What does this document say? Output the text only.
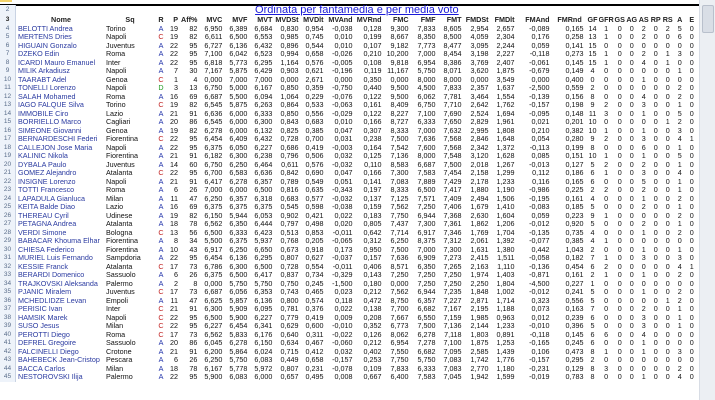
2	Ordinata per fantamedia e per media voto																											
3	Nome	Sq	R	P	Aff%	MVC	MVF	MVT	MVDSt	MVDlt	MVAnd	MVRnd	FMC	FMF	FMT	FMDSt	FMDlt	FMAnd	FMRnd	GF	GFR	GS	AG	AS	RP	RS	A	E
4	BELOTTI Andrea	Torino	A	19	82	6,950	6,389	6,684	0,830	0,954	-0,038	0,128	9,300	7,833	8,605	2,954	2,657	-0,089	0,165	14	1	0	0	2	0	2	5	0
5	MERTENS Dries	Napoli	C	19	82	6,611	6,500	6,553	0,985	0,745	0,010	0,199	8,667	8,350	8,500	4,059	2,304	0,176	0,258	13	1	0	0	2	0	0	6	0
6	HIGUAIN Gonzalo	Juventus	A	22	95	6,727	6,136	6,432	0,896	0,544	0,010	0,107	9,182	7,773	8,477	3,095	2,244	0,059	0,141	15	0	0	0	0	0	0	0	0
7	DZEKO Edin	Roma	A	22	95	7,100	6,042	6,523	0,994	0,658	-0,026	0,210	10,200	7,000	8,454	3,198	2,227	-0,118	0,273	15	1	0	0	2	0	1	3	0
8	ICARDI Mauro Emanuel	Inter	A	22	95	6,818	5,773	6,295	1,164	0,576	-0,005	0,108	9,818	6,954	8,386	3,769	2,407	-0,061	0,145	15	1	0	0	4	0	1	0	0
9	MILIK Arkadiusz	Napoli	A	7	30	7,167	5,875	6,429	0,903	0,621	-0,196	0,119	11,167	5,750	8,071	3,620	1,875	-0,679	0,149	4	0	0	0	0	0	0	1	0
10	TAARABT Adel	Genoa	C	1	4	0,000	7,000	7,000	0,000	2,671	0,000	0,350	0,000	8,000	8,000	0,000	3,549	0,000	0,400	0	0	0	0	1	0	0	0	0
11	TONELLI Lorenzo	Napoli	D	3	13	6,750	5,000	6,167	0,850	0,359	-0,750	0,440	9,500	4,500	7,833	2,357	1,637	-2,500	0,559	2	0	0	0	0	0	0	2	0
12	SALAH Mohamed	Roma	A	16	69	6,687	5,500	6,094	1,064	0,229	-0,076	0,122	9,500	6,062	7,781	3,464	1,554	-0,139	0,156	8	0	0	0	4	0	0	2	0
13	IAGO FALQUE Silva	Torino	C	19	82	6,545	5,875	6,263	0,864	0,533	-0,063	0,161	8,409	6,750	7,710	2,642	1,762	-0,157	0,198	9	2	0	0	3	0	0	1	0
14	IMMOBILE Ciro	Lazio	A	21	91	6,636	6,000	6,333	0,850	0,556	-0,029	0,122	8,227	7,100	7,690	2,524	1,694	-0,095	0,148	11	3	0	0	1	0	0	5	0
15	BORRIELLO Marco	Cagliari	A	20	86	6,545	6,000	6,300	0,843	0,683	0,010	0,166	8,727	6,333	7,650	2,829	1,961	0,021	0,201	10	0	0	0	0	0	1	2	0
16	SIMEONE Giovanni	Genoa	A	19	82	6,278	6,000	6,132	0,825	0,385	0,047	0,307	8,333	7,000	7,632	2,995	1,808	0,210	0,382	10	1	0	0	1	0	0	3	0
17	BERNARDESCHI Federi	Fiorentina	C	22	95	6,454	6,409	6,432	0,728	0,700	0,031	0,238	7,500	7,636	7,568	2,846	1,648	0,054	0,280	9	2	0	0	3	0	0	4	1
18	CALLEJON Jose Maria	Napoli	A	22	95	6,375	6,050	6,227	0,686	0,419	-0,003	0,164	7,542	7,600	7,568	2,342	1,372	-0,113	0,199	8	0	0	0	6	0	0	1	0
19	KALINIC Nikola	Fiorentina	A	21	91	6,182	6,300	6,238	0,796	0,506	0,032	0,125	7,136	8,000	7,548	3,120	1,628	0,085	0,151	10	1	0	0	1	0	0	5	0
20	DYBALA Paulo	Juventus	A	14	60	6,750	6,250	6,464	0,611	0,576	-0,032	0,110	8,583	6,687	7,500	2,018	1,267	-0,013	0,127	5	2	0	0	2	0	0	1	0
21	GOMEZ Alejandro	Atalanta	C	22	95	6,700	6,583	6,636	0,842	0,690	0,047	0,166	7,300	7,583	7,454	2,158	1,299	0,112	0,186	6	1	0	0	3	0	0	4	0
22	INSIGNE Lorenzo	Napoli	A	21	91	6,417	6,278	6,357	0,789	0,549	0,051	0,141	7,083	7,889	7,429	2,178	1,233	0,116	0,165	6	0	0	0	5	0	0	1	0
23	TOTTI Francesco	Roma	A	6	26	7,000	6,000	6,500	0,816	0,635	-0,343	0,197	8,333	6,500	7,417	1,880	1,190	-0,986	0,225	2	2	0	0	2	0	0	1	0
24	LAPADULA Gianluca	Milan	A	11	47	6,250	6,357	6,318	0,683	0,577	-0,032	0,137	7,125	7,571	7,409	2,494	1,506	-0,195	0,161	4	0	0	0	1	0	0	2	0
25	KEITA Balde Diao	Lazio	A	16	69	6,375	6,375	6,375	0,545	0,598	-0,038	0,159	7,562	7,250	7,406	1,679	1,410	-0,083	0,185	5	0	0	0	2	0	0	1	0
26	THEREAU Cyril	Udinese	A	19	82	6,150	5,944	6,053	0,902	0,421	0,022	0,183	7,750	6,944	7,368	2,630	1,604	0,059	0,223	9	1	0	0	0	0	0	2	0
27	PETAGNA Andrea	Atalanta	A	18	78	6,562	6,350	6,444	0,797	0,498	0,020	0,805	7,437	7,300	7,361	1,862	1,206	-0,012	0,920	5	0	0	0	2	0	0	1	0
28	VERDI Simone	Bologna	C	13	56	6,500	6,333	6,423	0,513	0,853	-0,011	0,642	7,714	6,917	7,346	1,769	1,704	-0,135	0,735	4	0	0	0	1	0	0	2	0
29	BABACAR Khouma Elhar	Fiorentina	A	8	34	5,500	6,375	5,937	0,768	0,205	-0,065	0,312	6,250	8,375	7,312	2,061	1,392	-0,077	0,385	4	1	0	0	0	0	0	0	0
30	CHIESA Federico	Fiorentina	A	10	43	6,917	6,250	6,650	0,673	0,918	0,173	0,950	7,500	7,000	7,300	1,631	1,380	0,442	1,043	2	0	0	0	1	0	0	1	0
31	MURIEL Luis Fernando	Sampdoria	A	22	95	6,454	6,136	6,295	0,807	0,627	-0,037	0,157	7,636	6,909	7,273	2,415	1,511	-0,058	0,182	7	1	0	0	3	0	0	3	0
32	KESSIE Franck	Atalanta	C	17	73	6,786	6,300	6,500	0,728	0,554	-0,011	0,406	8,571	6,350	7,265	2,163	1,110	-0,136	0,454	6	2	0	0	0	0	0	4	1
33	BERARDI Domenico	Sassuolo	A	6	26	6,375	6,500	6,417	0,837	0,734	-0,329	0,143	7,250	7,250	7,250	1,974	1,403	-0,871	0,161	2	1	0	0	1	0	0	2	0
34	TRAJKOVSKI Aleksanda	Palermo	A	2	8	0,000	5,750	5,750	0,750	0,245	-1,500	0,180	0,000	7,250	7,250	2,250	1,804	-4,500	0,227	1	0	0	0	0	0	0	0	0
35	PJANIC Miralem	Juventus	C	17	73	6,687	6,056	6,353	0,743	0,465	0,023	0,212	7,562	6,944	7,235	1,848	1,002	-0,012	0,241	5	0	0	0	1	0	0	2	0
36	MCHEDLIDZE Levan	Empoli	A	11	47	6,625	5,857	6,136	0,800	0,574	0,118	0,472	8,750	6,357	7,227	2,871	1,714	0,323	0,556	5	0	0	0	0	0	1	2	0
37	PERISIC Ivan	Inter	C	21	91	6,300	5,909	6,095	0,781	0,376	0,022	0,138	7,700	6,682	7,167	2,195	1,188	0,073	0,163	7	0	0	0	2	0	0	1	0
38	HAMSIK Marek	Napoli	C	22	95	6,500	5,900	6,227	0,779	0,419	0,009	0,208	7,667	6,550	7,159	1,985	0,963	0,012	0,239	6	0	0	0	3	0	0	1	0
39	SUSO Jesus	Milan	C	22	95	6,227	6,454	6,341	0,629	0,600	-0,010	0,352	6,773	7,500	7,136	2,144	1,233	-0,010	0,396	5	0	0	0	3	0	0	1	0
40	PEROTTI Diego	Roma	C	17	73	6,562	5,833	6,176	0,640	0,311	-0,022	0,126	8,062	6,278	7,118	1,803	0,891	-0,118	0,145	6	6	0	0	4	0	0	0	0
41	DEFREL Gregoire	Sassuolo	A	20	86	6,045	6,278	6,150	0,634	0,467	-0,060	0,212	6,954	7,278	7,100	1,875	1,253	-0,165	0,245	6	0	0	0	1	0	0	0	0
42	FALCINELLI Diego	Crotone	A	21	91	6,200	5,864	6,024	0,715	0,412	0,032	0,402	7,550	6,682	7,095	2,585	1,439	0,106	0,473	8	1	0	0	1	0	0	3	0
43	BAHEBECK Jean-Cristop	Pescara	A	6	26	6,250	5,750	6,083	0,449	0,658	-0,157	0,253	7,750	5,750	7,083	1,742	1,776	-0,157	0,295	2	0	0	0	0	0	0	0	0
44	BACCA Carlos	Milan	A	18	78	6,167	5,778	5,972	0,807	0,231	-0,078	0,109	7,833	6,333	7,083	2,770	1,180	-0,231	0,129	8	3	0	0	0	0	0	2	0
45	NESTOROVSKI Ilija	Palermo	A	22	95	5,900	6,083	6,000	0,657	0,495	0,008	0,667	6,400	7,583	7,045	1,942	1,599	-0,019	0,783	8	0	0	0	1	0	0	4	0
